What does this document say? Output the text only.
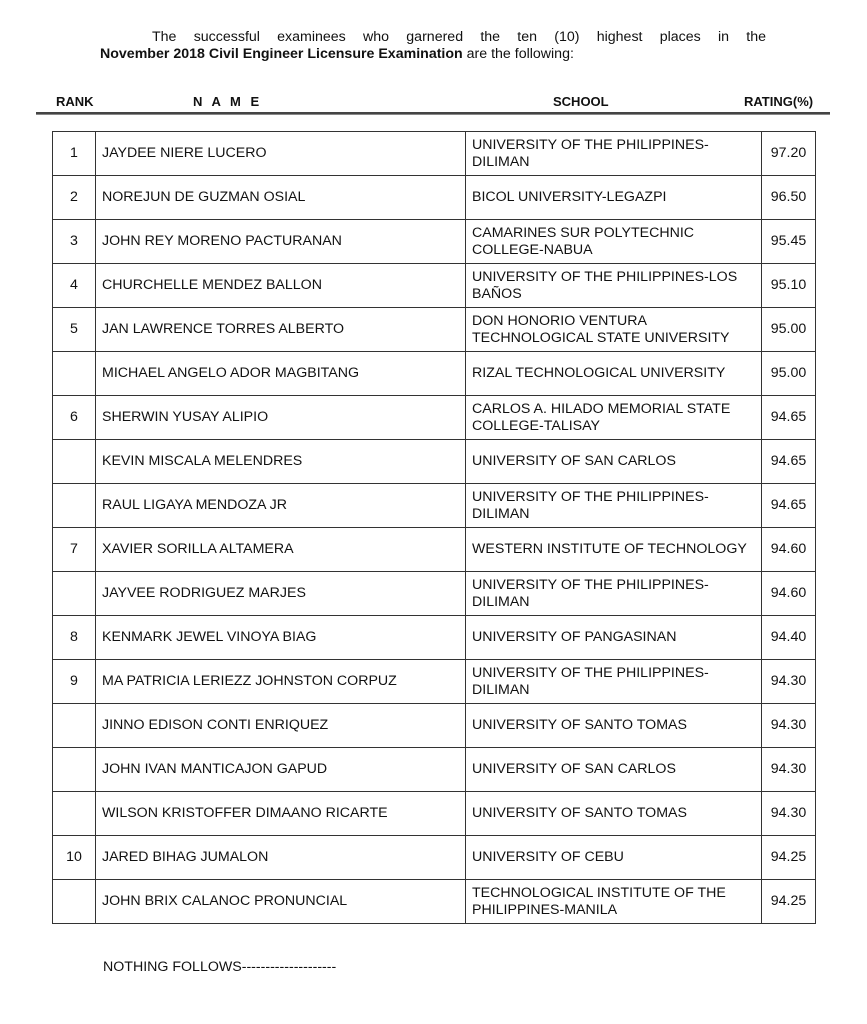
The successful examinees who garnered the ten (10) highest places in the
November 2018 Civil Engineer Licensure Examination are the following:
RANK	N A M E	SCHOOL	RATING(%)
1	JAYDEE NIERE LUCERO	UNIVERSITY OF THE PHILIPPINES-DILIMAN	97.20
2	NOREJUN DE GUZMAN OSIAL	BICOL UNIVERSITY-LEGAZPI	96.50
3	JOHN REY MORENO PACTURANAN	CAMARINES SUR POLYTECHNIC COLLEGE-NABUA	95.45
4	CHURCHELLE MENDEZ BALLON	UNIVERSITY OF THE PHILIPPINES-LOS BAÑOS	95.10
5	JAN LAWRENCE TORRES ALBERTO	DON HONORIO VENTURA TECHNOLOGICAL STATE UNIVERSITY	95.00
	MICHAEL ANGELO ADOR MAGBITANG	RIZAL TECHNOLOGICAL UNIVERSITY	95.00
6	SHERWIN YUSAY ALIPIO	CARLOS A. HILADO MEMORIAL STATE COLLEGE-TALISAY	94.65
	KEVIN MISCALA MELENDRES	UNIVERSITY OF SAN CARLOS	94.65
	RAUL LIGAYA MENDOZA JR	UNIVERSITY OF THE PHILIPPINES-DILIMAN	94.65
7	XAVIER SORILLA ALTAMERA	WESTERN INSTITUTE OF TECHNOLOGY	94.60
	JAYVEE RODRIGUEZ MARJES	UNIVERSITY OF THE PHILIPPINES-DILIMAN	94.60
8	KENMARK JEWEL VINOYA BIAG	UNIVERSITY OF PANGASINAN	94.40
9	MA PATRICIA LERIEZZ JOHNSTON CORPUZ	UNIVERSITY OF THE PHILIPPINES-DILIMAN	94.30
	JINNO EDISON CONTI ENRIQUEZ	UNIVERSITY OF SANTO TOMAS	94.30
	JOHN IVAN MANTICAJON GAPUD	UNIVERSITY OF SAN CARLOS	94.30
	WILSON KRISTOFFER DIMAANO RICARTE	UNIVERSITY OF SANTO TOMAS	94.30
10	JARED BIHAG JUMALON	UNIVERSITY OF CEBU	94.25
	JOHN BRIX CALANOC PRONUNCIAL	TECHNOLOGICAL INSTITUTE OF THE PHILIPPINES-MANILA	94.25
NOTHING FOLLOWS--------------------
